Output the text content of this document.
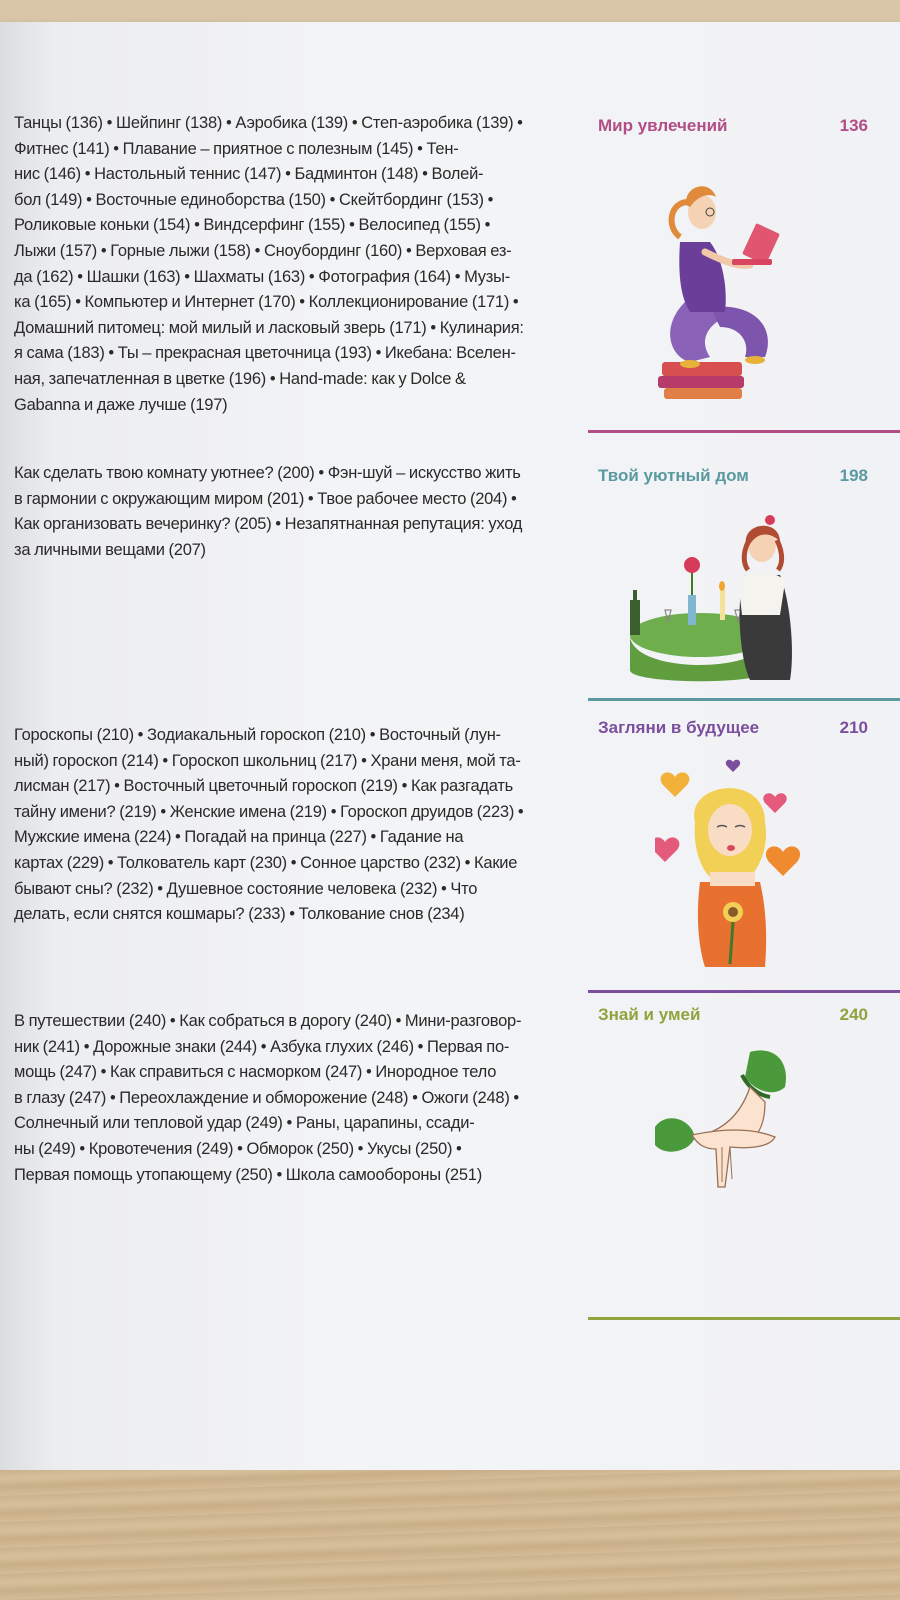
Танцы (136) • Шейпинг (138) • Аэробика (139) • Степ-аэробика (139) •
Фитнес (141) • Плавание – приятное с полезным (145) • Тен-
нис (146) • Настольный теннис (147) • Бадминтон (148) • Волей-
бол (149) • Восточные единоборства (150) • Скейтбординг (153) •
Роликовые коньки (154) • Виндсерфинг (155) • Велосипед (155) •
Лыжи (157) • Горные лыжи (158) • Сноубординг (160) • Верховая ез-
да (162) • Шашки (163) • Шахматы (163) • Фотография (164) • Музы-
ка (165) • Компьютер и Интернет (170) • Коллекционирование (171) •
Домашний питомец: мой милый и ласковый зверь (171) • Кулинария:
я сама (183) • Ты – прекрасная цветочница (193) • Икебана: Вселен-
ная, запечатленная в цветке (196) • Hand-made: как у Dolce &
Gabanna и даже лучше (197)
Мир увлечений	136
Как сделать твою комнату уютнее? (200) • Фэн-шуй – искусство жить
в гармонии с окружающим миром (201) • Твое рабочее место (204) •
Как организовать вечеринку? (205) • Незапятнанная репутация: уход
за личными вещами (207)
Твой уютный дом	198
Гороскопы (210) • Зодиакальный гороскоп (210) • Восточный (лун-
ный) гороскоп (214) • Гороскоп школьниц (217) • Храни меня, мой та-
лисман (217) • Восточный цветочный гороскоп (219) • Как разгадать
тайну имени? (219) • Женские имена (219) • Гороскоп друидов (223) •
Мужские имена (224) • Погадай на принца (227) • Гадание на
картах (229) • Толкователь карт (230) • Сонное царство (232) • Какие
бывают сны? (232) • Душевное состояние человека (232) • Что
делать, если снятся кошмары? (233) • Толкование снов (234)
Загляни в будущее	210
В путешествии (240) • Как собраться в дорогу (240) • Мини-разговор-
ник (241) • Дорожные знаки (244) • Азбука глухих (246) • Первая по-
мощь (247) • Как справиться с насморком (247) • Инородное тело
в глазу (247) • Переохлаждение и обморожение (248) • Ожоги (248) •
Солнечный или тепловой удар (249) • Раны, царапины, ссади-
ны (249) • Кровотечения (249) • Обморок (250) • Укусы (250) •
Первая помощь утопающему (250) • Школа самообороны (251)
Знай и умей	240
